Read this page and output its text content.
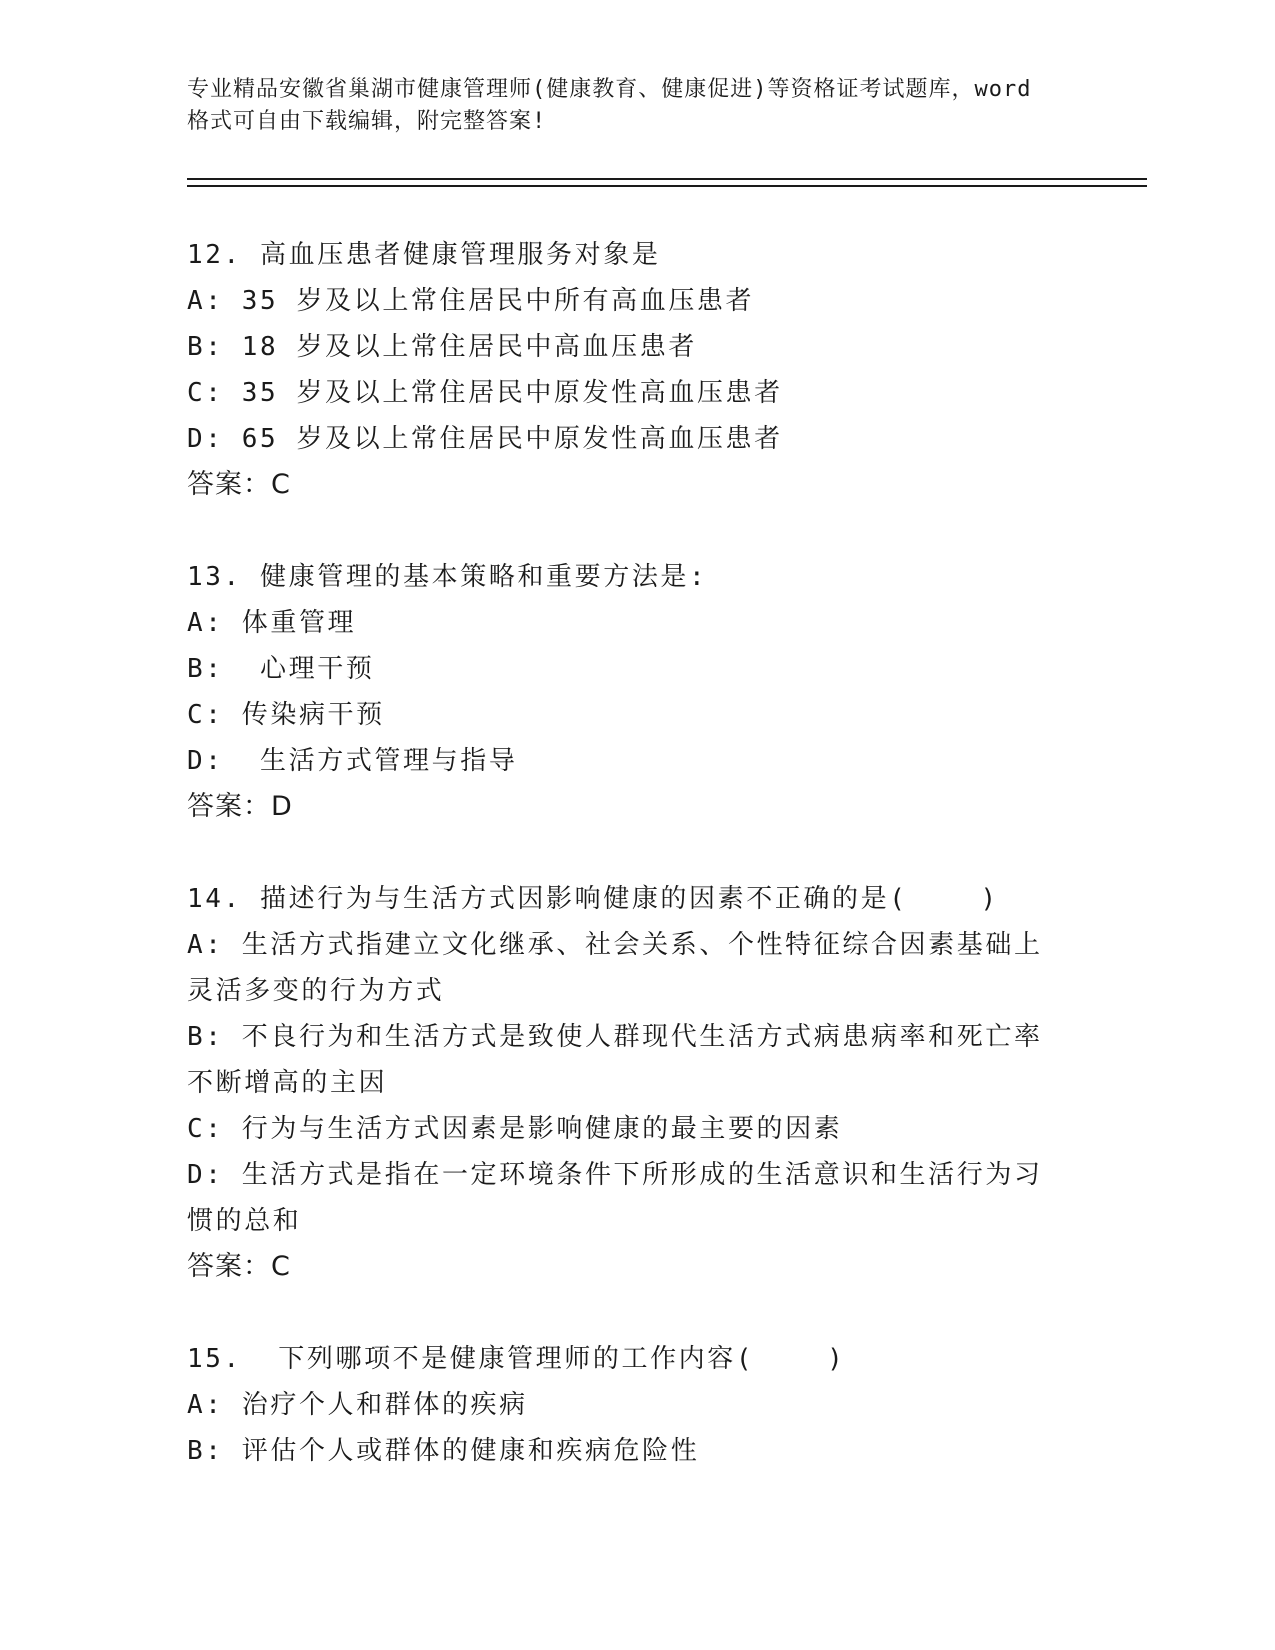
专业精品安徽省巢湖市健康管理师(健康教育、健康促进)等资格证考试题库，word
格式可自由下载编辑，附完整答案!
12. 高血压患者健康管理服务对象是
A: 35 岁及以上常住居民中所有高血压患者
B: 18 岁及以上常住居民中高血压患者
C: 35 岁及以上常住居民中原发性高血压患者
D: 65 岁及以上常住居民中原发性高血压患者
答案：C
13. 健康管理的基本策略和重要方法是:
A: 体重管理
B:  心理干预
C: 传染病干预
D:  生活方式管理与指导
答案：D
14. 描述行为与生活方式因影响健康的因素不正确的是(    )
A: 生活方式指建立文化继承、社会关系、个性特征综合因素基础上灵活多变的行为方式
B: 不良行为和生活方式是致使人群现代生活方式病患病率和死亡率不断增高的主因
C: 行为与生活方式因素是影响健康的最主要的因素
D: 生活方式是指在一定环境条件下所形成的生活意识和生活行为习惯的总和
答案：C
15.  下列哪项不是健康管理师的工作内容(    )
A: 治疗个人和群体的疾病
B: 评估个人或群体的健康和疾病危险性
